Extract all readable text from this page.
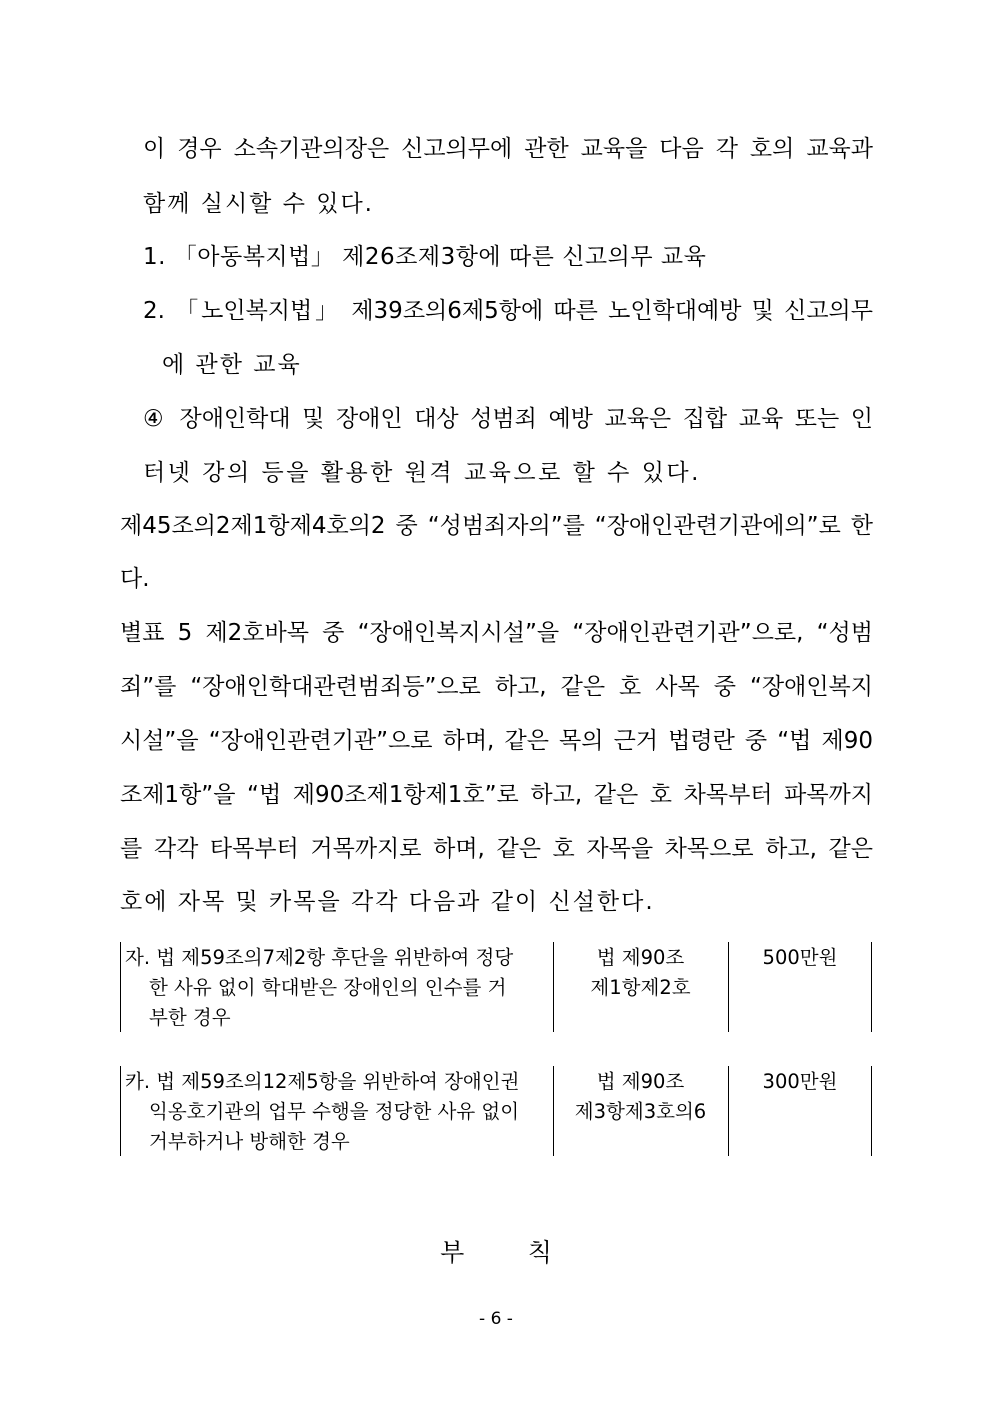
이 경우 소속기관의장은 신고의무에 관한 교육을 다음 각 호의 교육과
함께 실시할 수 있다.
1. 「아동복지법」 제26조제3항에 따른 신고의무 교육
2. 「노인복지법」 제39조의6제5항에 따른 노인학대예방 및 신고의무
에 관한 교육
④ 장애인학대 및 장애인 대상 성범죄 예방 교육은 집합 교육 또는 인
터넷 강의 등을 활용한 원격 교육으로 할 수 있다.
제45조의2제1항제4호의2 중 “성범죄자의”를 “장애인관련기관에의”로 한
다.
별표 5 제2호바목 중 “장애인복지시설”을 “장애인관련기관”으로, “성범
죄”를 “장애인학대관련범죄등”으로 하고, 같은 호 사목 중 “장애인복지
시설”을 “장애인관련기관”으로 하며, 같은 목의 근거 법령란 중 “법 제90
조제1항”을 “법 제90조제1항제1호”로 하고, 같은 호 차목부터 파목까지
를 각각 타목부터 거목까지로 하며, 같은 호 자목을 차목으로 하고, 같은
호에 자목 및 카목을 각각 다음과 같이 신설한다.
자. 법 제59조의7제2항 후단을 위반하여 정당
한 사유 없이 학대받은 장애인의 인수를 거
부한 경우
법 제90조
제1항제2호
500만원
카. 법 제59조의12제5항을 위반하여 장애인권
익옹호기관의 업무 수행을 정당한 사유 없이
거부하거나 방해한 경우
법 제90조
제3항제3호의6
300만원
부        칙
- 6 -
